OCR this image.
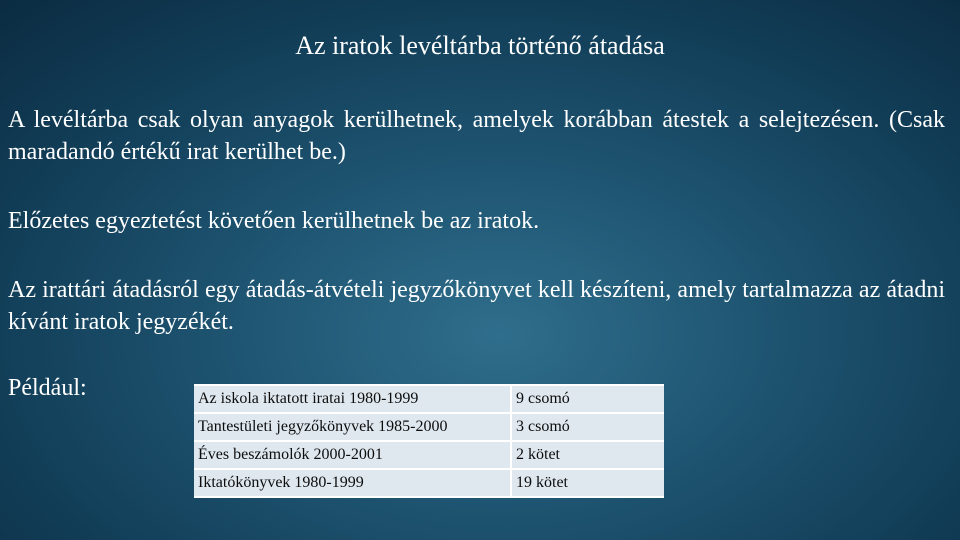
Az iratok levéltárba történő átadása

A levéltárba csak olyan anyagok kerülhetnek, amelyek korábban átestek a selejtezésen. (Csak maradandó értékű irat kerülhet be.)

Előzetes egyeztetést követően kerülhetnek be az iratok.

Az irattári átadásról egy átadás-átvételi jegyzőkönyvet kell készíteni, amely tartalmazza az átadni kívánt iratok jegyzékét.

Például:	Az iskola iktatott iratai 1980-1999	9 csomó
Tantestületi jegyzőkönyvek 1985-2000	3 csomó
Éves beszámolók 2000-2001	2 kötet
Iktatókönyvek 1980-1999	19 kötet
